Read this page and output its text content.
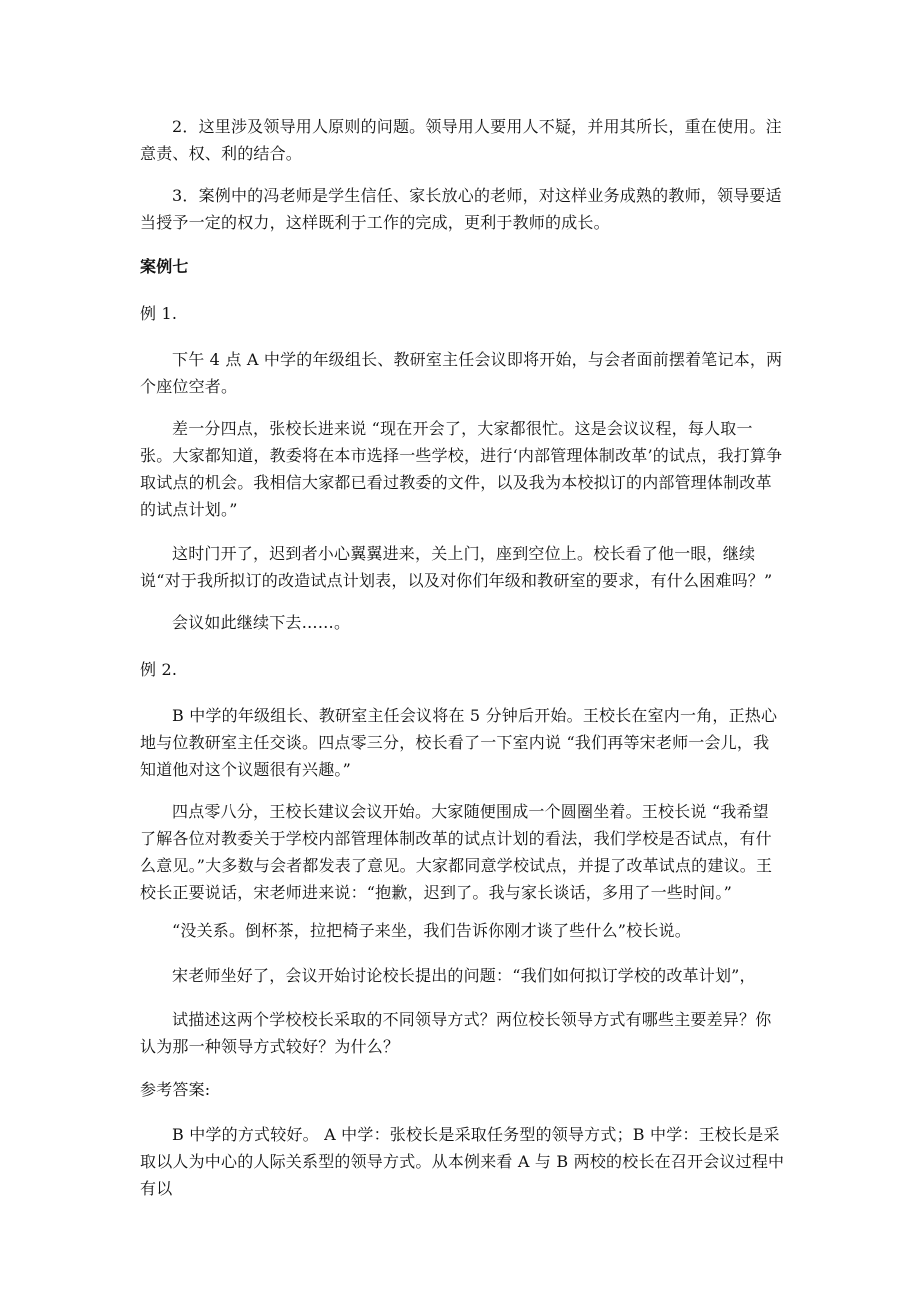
2．这里涉及领导用人原则的问题。领导用人要用人不疑，并用其所长，重在使用。注意责、权、利的结合。
3．案例中的冯老师是学生信任、家长放心的老师，对这样业务成熟的教师，领导要适当授予一定的权力，这样既利于工作的完成，更利于教师的成长。
案例七
例 1.
下午 4 点 A 中学的年级组长、教研室主任会议即将开始，与会者面前摆着笔记本，两个座位空者。
差一分四点，张校长进来说 “现在开会了，大家都很忙。这是会议议程，每人取一张。大家都知道，教委将在本市选择一些学校，进行‘内部管理体制改革’的试点，我打算争取试点的机会。我相信大家都已看过教委的文件，以及我为本校拟订的内部管理体制改革的试点计划。”
这时门开了，迟到者小心翼翼进来，关上门，座到空位上。校长看了他一眼，继续说“对于我所拟订的改造试点计划表，以及对你们年级和教研室的要求，有什么困难吗？”
会议如此继续下去……。
例 2.
B 中学的年级组长、教研室主任会议将在 5 分钟后开始。王校长在室内一角，正热心地与位教研室主任交谈。四点零三分，校长看了一下室内说 “我们再等宋老师一会儿，我知道他对这个议题很有兴趣。”
四点零八分，王校长建议会议开始。大家随便围成一个圆圈坐着。王校长说 “我希望了解各位对教委关于学校内部管理体制改革的试点计划的看法，我们学校是否试点，有什么意见。”大多数与会者都发表了意见。大家都同意学校试点，并提了改革试点的建议。王校长正要说话，宋老师进来说：“抱歉，迟到了。我与家长谈话，多用了一些时间。”
“没关系。倒杯茶，拉把椅子来坐，我们告诉你刚才谈了些什么”校长说。
宋老师坐好了，会议开始讨论校长提出的问题：“我们如何拟订学校的改革计划”，
试描述这两个学校校长采取的不同领导方式？两位校长领导方式有哪些主要差异？你认为那一种领导方式较好？为什么？
参考答案:
B 中学的方式较好。 A 中学：张校长是采取任务型的领导方式；B 中学：王校长是采取以人为中心的人际关系型的领导方式。从本例来看 A 与 B 两校的校长在召开会议过程中有以
